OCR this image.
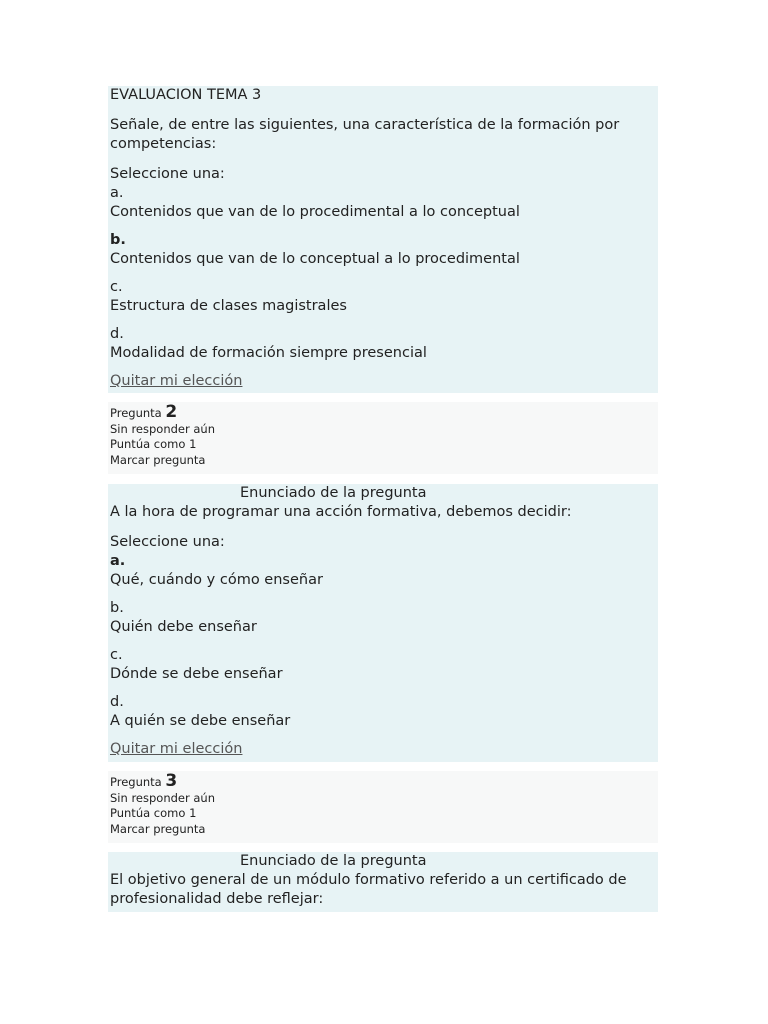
EVALUACION TEMA 3
Señale, de entre las siguientes, una característica de la formación por competencias:
Seleccione una:
a.
Contenidos que van de lo procedimental a lo conceptual
b.
Contenidos que van de lo conceptual a lo procedimental
c.
Estructura de clases magistrales
d.
Modalidad de formación siempre presencial
Quitar mi elección
Pregunta 2
Sin responder aún
Puntúa como 1
Marcar pregunta
Enunciado de la pregunta
A la hora de programar una acción formativa, debemos decidir:
Seleccione una:
a.
Qué, cuándo y cómo enseñar
b.
Quién debe enseñar
c.
Dónde se debe enseñar
d.
A quién se debe enseñar
Quitar mi elección
Pregunta 3
Sin responder aún
Puntúa como 1
Marcar pregunta
Enunciado de la pregunta
El objetivo general de un módulo formativo referido a un certificado de
profesionalidad debe reflejar:
